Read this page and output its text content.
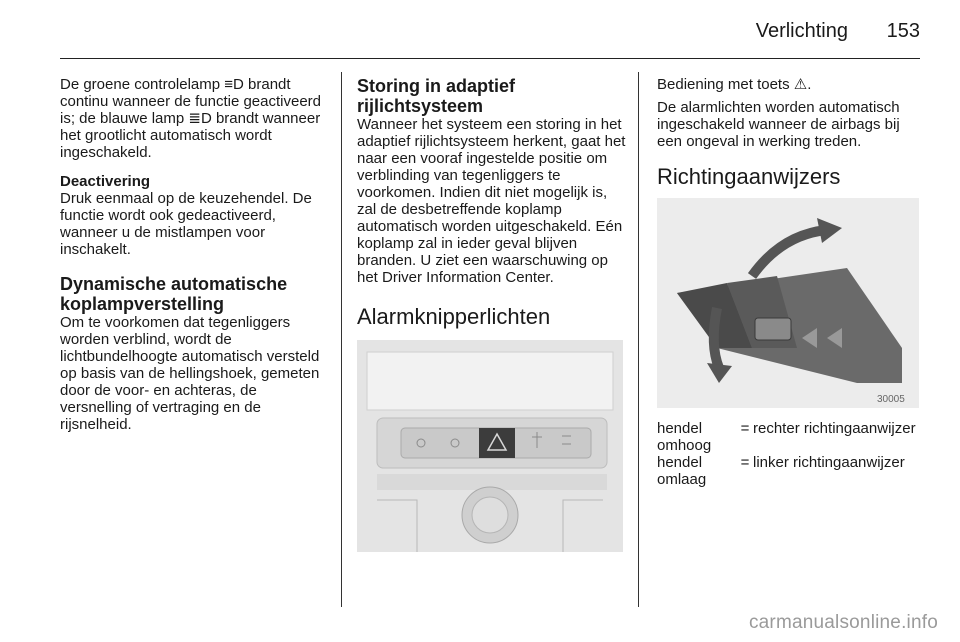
Verlichting 153

De groene controlelamp ≡D brandt continu wanneer de functie geactiveerd is; de blauwe lamp ≣D brandt wanneer het grootlicht automatisch wordt ingeschakeld.

Deactivering

Druk eenmaal op de keuzehendel. De functie wordt ook gedeactiveerd, wanneer u de mistlampen voor inschakelt.

Dynamische automatische koplampverstelling

Om te voorkomen dat tegenliggers worden verblind, wordt de lichtbundelhoogte automatisch versteld op basis van de hellingshoek, gemeten door de voor- en achteras, de versnelling of vertraging en de rijsnelheid.

Storing in adaptief rijlichtsysteem

Wanneer het systeem een storing in het adaptief rijlichtsysteem herkent, gaat het naar een vooraf ingestelde positie om verblinding van tegenliggers te voorkomen. Indien dit niet mogelijk is, zal de desbetreffende koplamp automatisch worden uitgeschakeld. Eén koplamp zal in ieder geval blijven branden. U ziet een waarschuwing op het Driver Information Center.

Alarmknipperlichten

Bediening met toets ⚠.

De alarmlichten worden automatisch ingeschakeld wanneer de airbags bij een ongeval in werking treden.

Richtingaanwijzers
30005
hendel omhoog
= rechter richtingaanwijzer
hendel omlaag
= linker richtingaanwijzer
carmanualsonline.info
